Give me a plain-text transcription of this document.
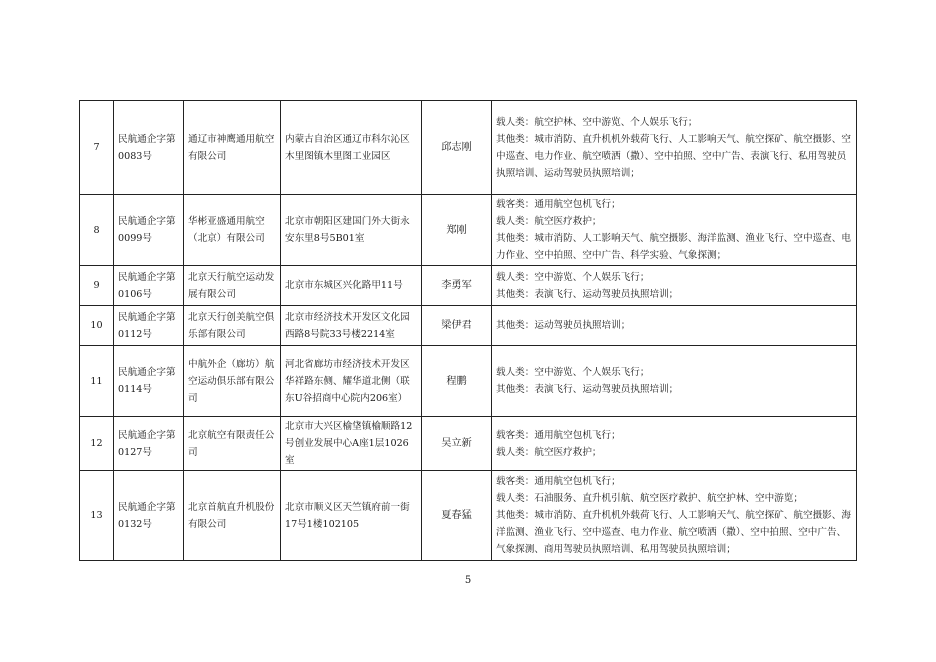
7	民航通企字第0083号	通辽市神鹰通用航空有限公司	内蒙古自治区通辽市科尔沁区木里图镇木里图工业园区	邱志刚	载人类：航空护林、空中游览、个人娱乐飞行；
其他类：城市消防、直升机机外载荷飞行、人工影响天气、航空探矿、航空摄影、空中巡查、电力作业、航空喷洒（撒）、空中拍照、空中广告、表演飞行、私用驾驶员执照培训、运动驾驶员执照培训；

8	民航通企字第0099号	华彬亚盛通用航空（北京）有限公司	北京市朝阳区建国门外大街永安东里8号5B01室	郑刚	载客类：通用航空包机飞行；
载人类：航空医疗救护；
其他类：城市消防、人工影响天气、航空摄影、海洋监测、渔业飞行、空中巡查、电力作业、空中拍照、空中广告、科学实验、气象探测；

9	民航通企字第0106号	北京天行航空运动发展有限公司	北京市东城区兴化路甲11号	李勇军	载人类：空中游览、个人娱乐飞行；
其他类：表演飞行、运动驾驶员执照培训；

10	民航通企字第0112号	北京天行创美航空俱乐部有限公司	北京市经济技术开发区文化园西路8号院33号楼2214室	梁伊君	其他类：运动驾驶员执照培训；

11	民航通企字第0114号	中航外企（廊坊）航空运动俱乐部有限公司	河北省廊坊市经济技术开发区华祥路东侧、耀华道北侧（联东U谷招商中心院内206室）	程鹏	载人类：空中游览、个人娱乐飞行；
其他类：表演飞行、运动驾驶员执照培训；

12	民航通企字第0127号	北京航空有限责任公司	北京市大兴区榆垡镇榆顺路12号创业发展中心A座1层1026室	吴立新	载客类：通用航空包机飞行；
载人类：航空医疗救护；

13	民航通企字第0132号	北京首航直升机股份有限公司	北京市顺义区天竺镇府前一街17号1楼102105	夏春猛	载客类：通用航空包机飞行；
载人类：石油服务、直升机引航、航空医疗救护、航空护林、空中游览；
其他类：城市消防、直升机机外载荷飞行、人工影响天气、航空探矿、航空摄影、海洋监测、渔业飞行、空中巡查、电力作业、航空喷洒（撒）、空中拍照、空中广告、气象探测、商用驾驶员执照培训、私用驾驶员执照培训；
5
